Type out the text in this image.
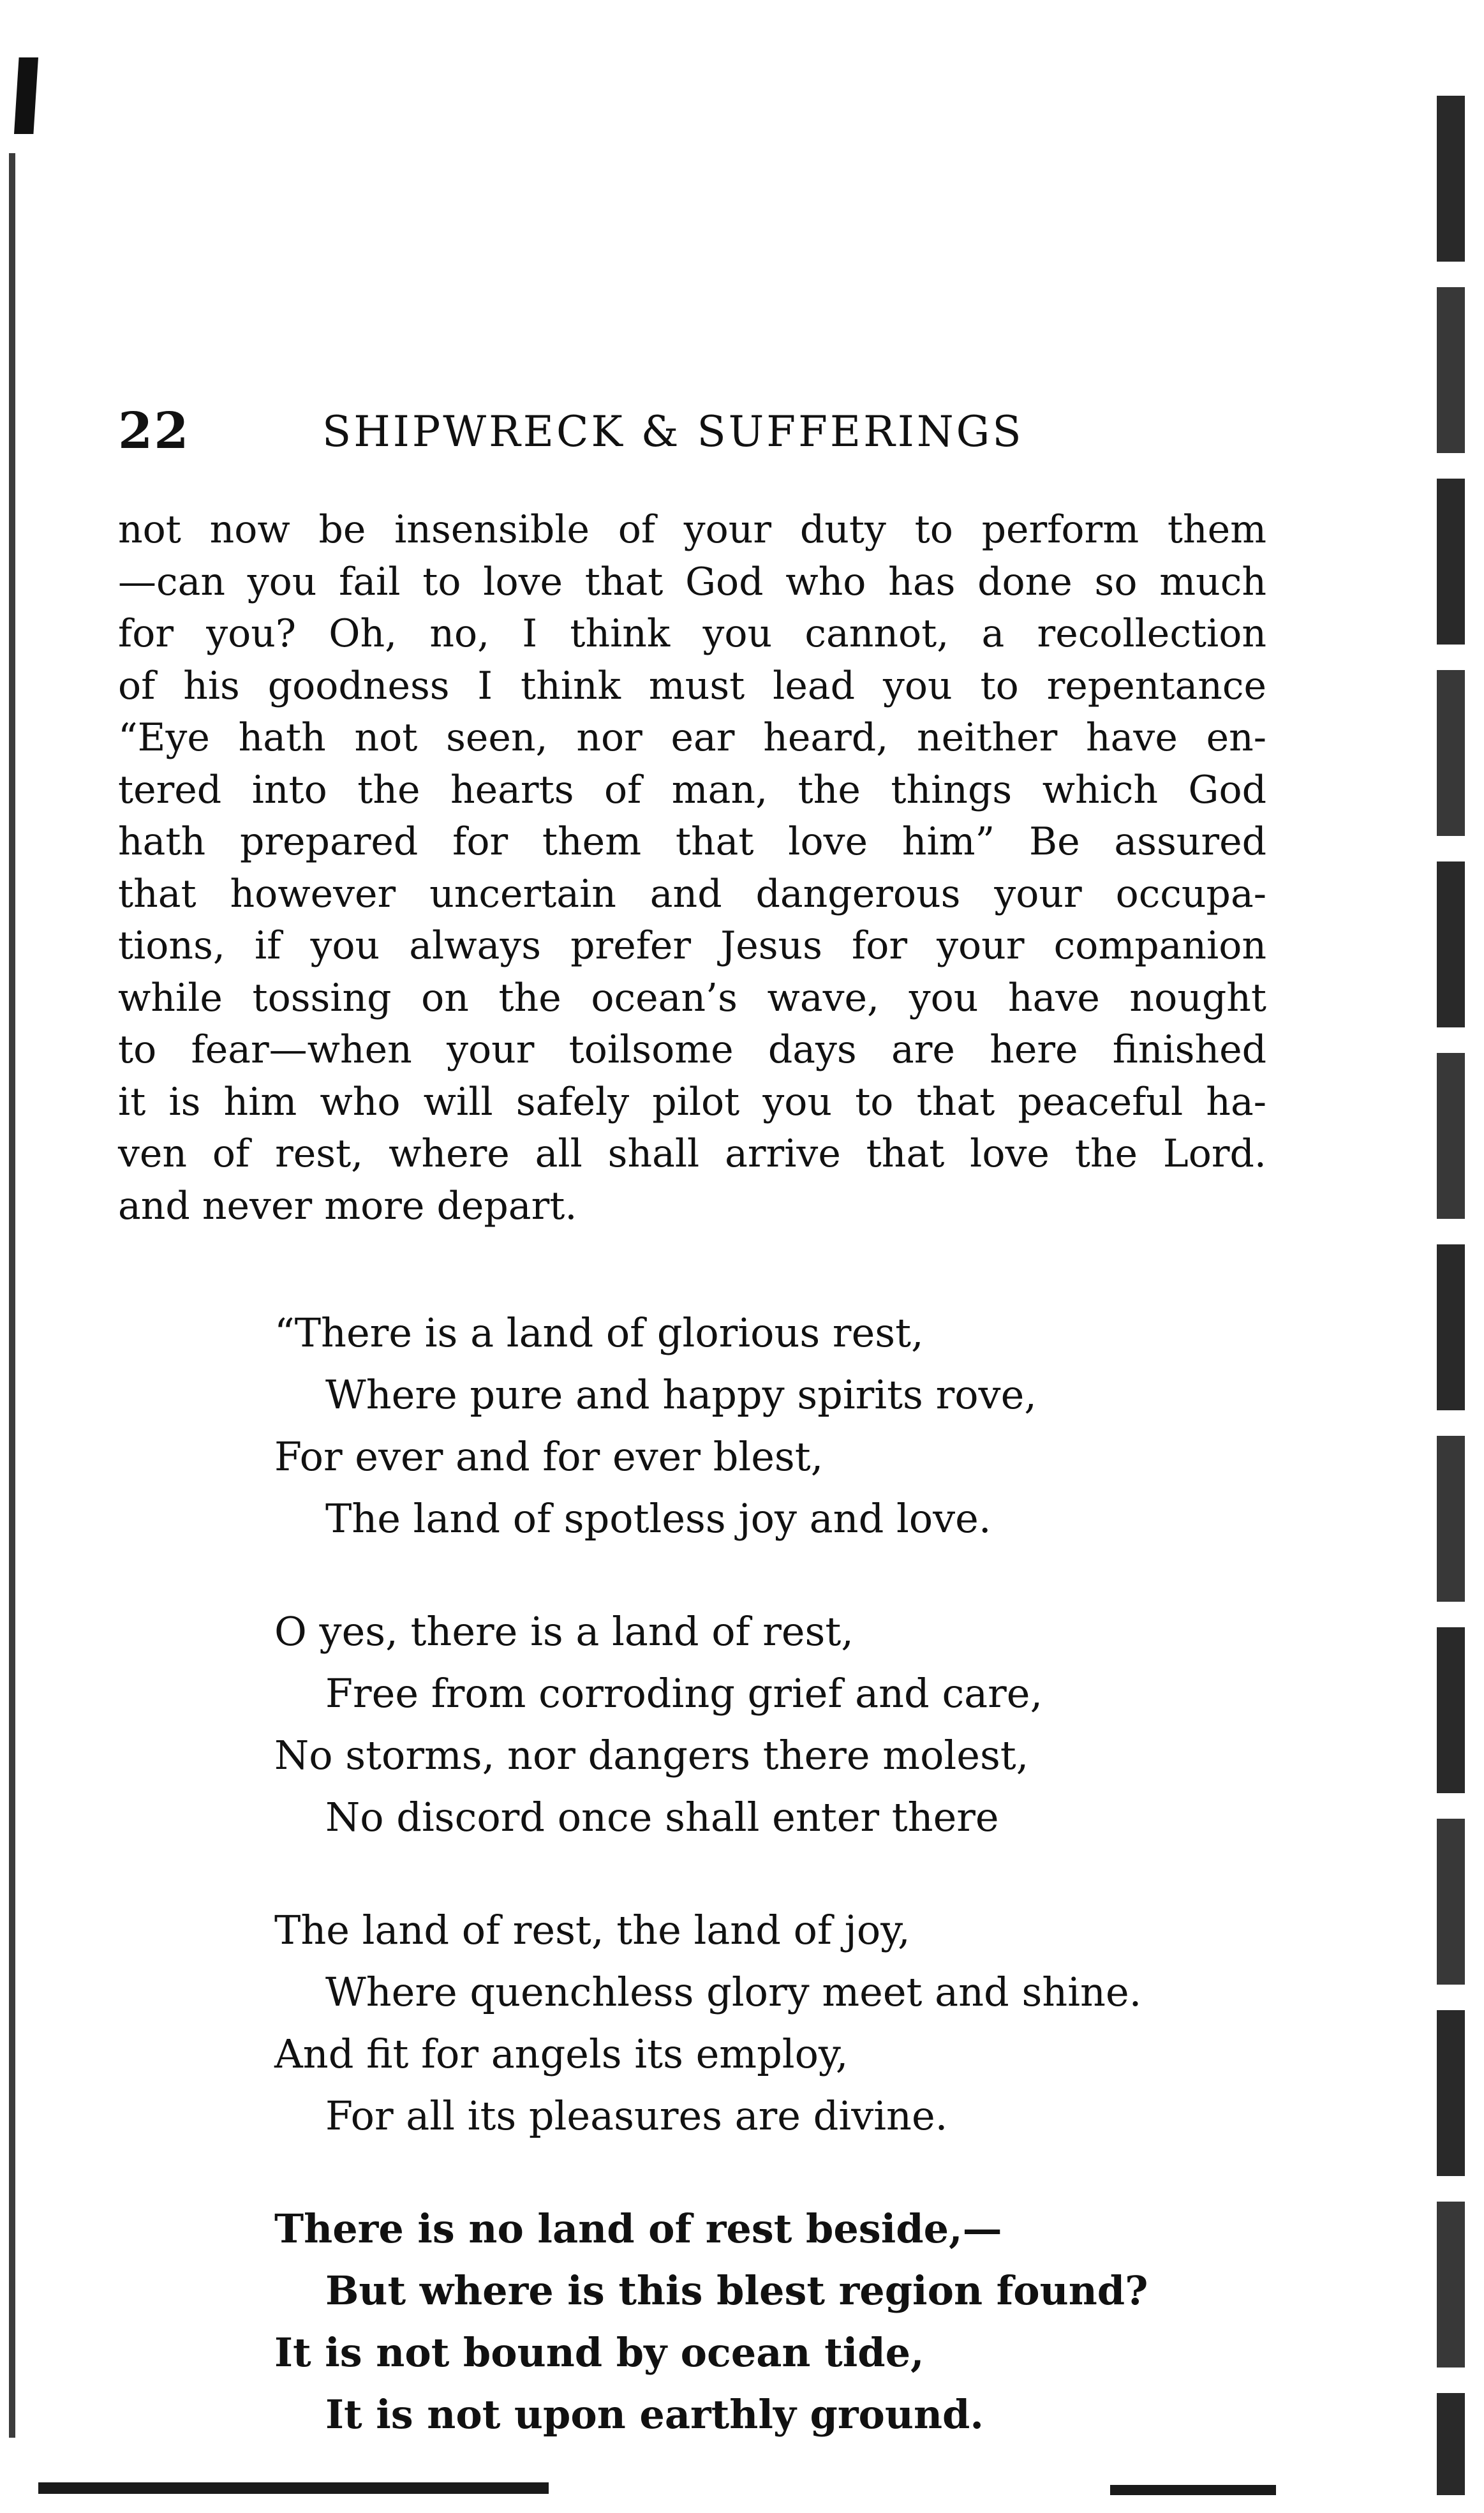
22	SHIPWRECK & SUFFERINGS
not now be insensible of your duty to perform them
—can you fail to love that God who has done so much
for you? Oh, no, I think you cannot, a recollection
of his goodness I think must lead you to repentance
“Eye hath not seen, nor ear heard, neither have en-
tered into the hearts of man, the things which God
hath prepared for them that love him” Be assured
that however uncertain and dangerous your occupa-
tions, if you always prefer Jesus for your companion
while tossing on the ocean’s wave, you have nought
to fear—when your toilsome days are here finished
it is him who will safely pilot you to that peaceful ha-
ven of rest, where all shall arrive that love the Lord.
and never more depart.
“There is a land of glorious rest,
Where pure and happy spirits rove,
For ever and for ever blest,
The land of spotless joy and love.
O yes, there is a land of rest,
Free from corroding grief and care,
No storms, nor dangers there molest,
No discord once shall enter there
The land of rest, the land of joy,
Where quenchless glory meet and shine.
And fit for angels its employ,
For all its pleasures are divine.
There is no land of rest beside,—
But where is this blest region found?
It is not bound by ocean tide,
It is not upon earthly ground.
